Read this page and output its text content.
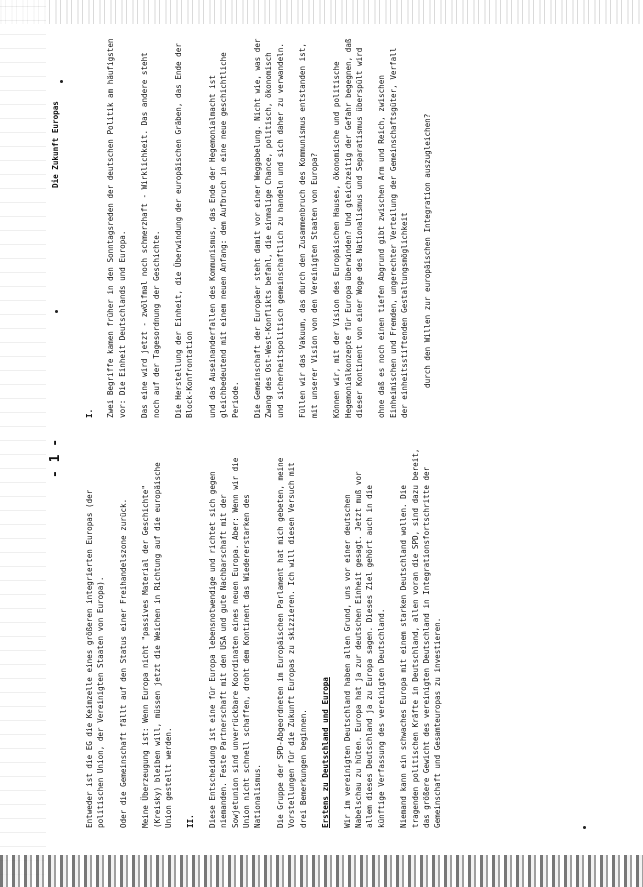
Die Zukunft Europas
- 1 -
I. Zwei Begriffe kamen früher in den Sonntagsreden der deutschen Politik am häufigsten vor: Die Einheit Deutschlands und Europa. Das eine wird jetzt - zwölfmal noch schmerzhaft - Wirklichkeit. Das andere steht noch auf der Tagesordnung der Geschichte. Die Herstellung der Einheit, die Überwindung der europäischen Gräben, das Ende der Block-Konfrontation und das Auseinanderfallen des Kommunismus, das Ende der Hegemonialmacht ist gleichbedeutend mit einem neuen Anfang: dem Aufbruch in eine neue geschichtliche Periode. Die Gemeinschaft der Europäer steht damit vor einer Weggabelung. Nicht wie, was der Zwang des Ost-West-Konflikts befahl, die einmalige Chance, politisch, ökonomisch und sicherheitspolitisch gemeinschaftlich zu handeln und sich daher zu verwandeln. Füllen wir das Vakuum, das durch den Zusammenbruch des Kommunismus entstanden ist, mit unserer Vision von den Vereinigten Staaten von Europa? Können wir, mit der Vision des Europäischen Hauses, ökonomische und politische Hegemonialkonzepte für Europa überwinden? Und gleichzeitig der Gefahr begegnen, daß dieser Kontinent von einer Woge des Nationalismus und Separatismus überspült wird ohne daß es noch einen tiefen Abgrund gibt zwischen Arm und Reich, zwischen Einheimischen und Fremden, ungerechter Verteilung der Gemeinschaftsgüter, Verfall der einheitsstiftenden Gestaltungsmöglichkeit durch den Willen zur europäischen Integration auszugleichen?
Entweder ist die EG die Keimzelle eines größeren integrierten Europas (der politischen Union, der Vereinigten Staaten von Europa). Oder die Gemeinschaft fällt auf den Status einer Freihandelszone zurück. Meine Überzeugung ist: Wenn Europa nicht "passives Material der Geschichte" (Kreisky) bleiben will, müssen jetzt die Weichen in Richtung auf die europäische Union gestellt werden. II. Diese Entscheidung ist eine für Europa lebensnotwendige und richtet sich gegen niemanden. Feste Partnerschaft mit den USA und gute Nachbarschaft mit der Sowjetunion sind unverrückbare Koordinaten eines neuen Europa. Aber: Wenn wir die Union nicht schnell schaffen, droht dem Kontinent das Wiedererstarken des Nationalismus. Die Gruppe der SPD-Abgeordneten im Europäischen Parlament hat mich gebeten, meine Vorstellungen für die Zukunft Europas zu skizzieren. Ich will diesen Versuch mit drei Bemerkungen beginnen. Erstens zu Deutschland und Europa Wir im vereinigten Deutschland haben allen Grund, uns vor einer deutschen Nabelschau zu hüten. Europa hat ja zur deutschen Einheit gesagt. Jetzt muß vor allem dieses Deutschland ja zu Europa sagen. Dieses Ziel gehört auch in die künftige Verfassung des vereinigten Deutschland. Niemand kann ein schwaches Europa mit einem starken Deutschland wollen. Die tragenden politischen Kräfte in Deutschland, allen voran die SPD, sind dazu bereit, das größere Gewicht des vereinigten Deutschland in Integrationsfortschritte der Gemeinschaft und Gesamteuropas zu investieren.
